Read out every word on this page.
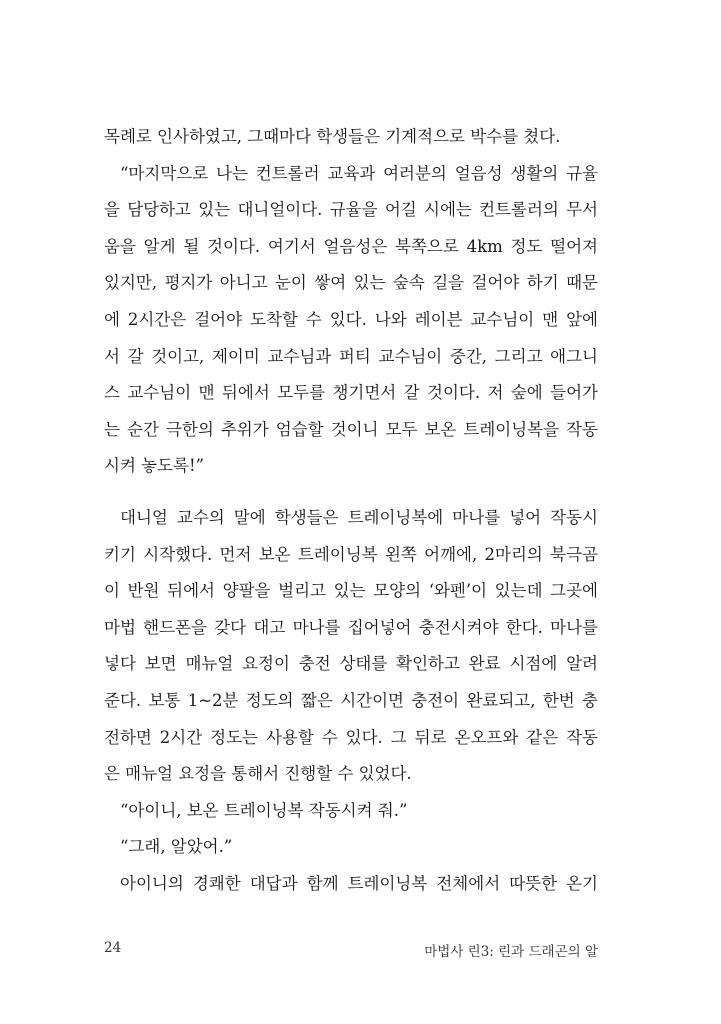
목례로 인사하였고, 그때마다 학생들은 기계적으로 박수를 쳤다.
“마지막으로 나는 컨트롤러 교육과 여러분의 얼음성 생활의 규율
을 담당하고 있는 대니얼이다. 규율을 어길 시에는 컨트롤러의 무서
움을 알게 될 것이다. 여기서 얼음성은 북쪽으로 4km 정도 떨어져
있지만, 평지가 아니고 눈이 쌓여 있는 숲속 길을 걸어야 하기 때문
에 2시간은 걸어야 도착할 수 있다. 나와 레이븐 교수님이 맨 앞에
서 갈 것이고, 제이미 교수님과 퍼티 교수님이 중간, 그리고 애그니
스 교수님이 맨 뒤에서 모두를 챙기면서 갈 것이다. 저 숲에 들어가
는 순간 극한의 추위가 엄습할 것이니 모두 보온 트레이닝복을 작동
시켜 놓도록!”
대니얼 교수의 말에 학생들은 트레이닝복에 마나를 넣어 작동시
키기 시작했다. 먼저 보온 트레이닝복 왼쪽 어깨에, 2마리의 북극곰
이 반원 뒤에서 양팔을 벌리고 있는 모양의 ‘와펜’이 있는데 그곳에
마법 핸드폰을 갖다 대고 마나를 집어넣어 충전시켜야 한다. 마나를
넣다 보면 매뉴얼 요정이 충전 상태를 확인하고 완료 시점에 알려
준다. 보통 1~2분 정도의 짧은 시간이면 충전이 완료되고, 한번 충
전하면 2시간 정도는 사용할 수 있다. 그 뒤로 온오프와 같은 작동
은 매뉴얼 요정을 통해서 진행할 수 있었다.
“아이니, 보온 트레이닝복 작동시켜 줘.”
“그래, 알았어.”
아이니의 경쾌한 대답과 함께 트레이닝복 전체에서 따뜻한 온기
24	마법사 린3: 린과 드래곤의 알
